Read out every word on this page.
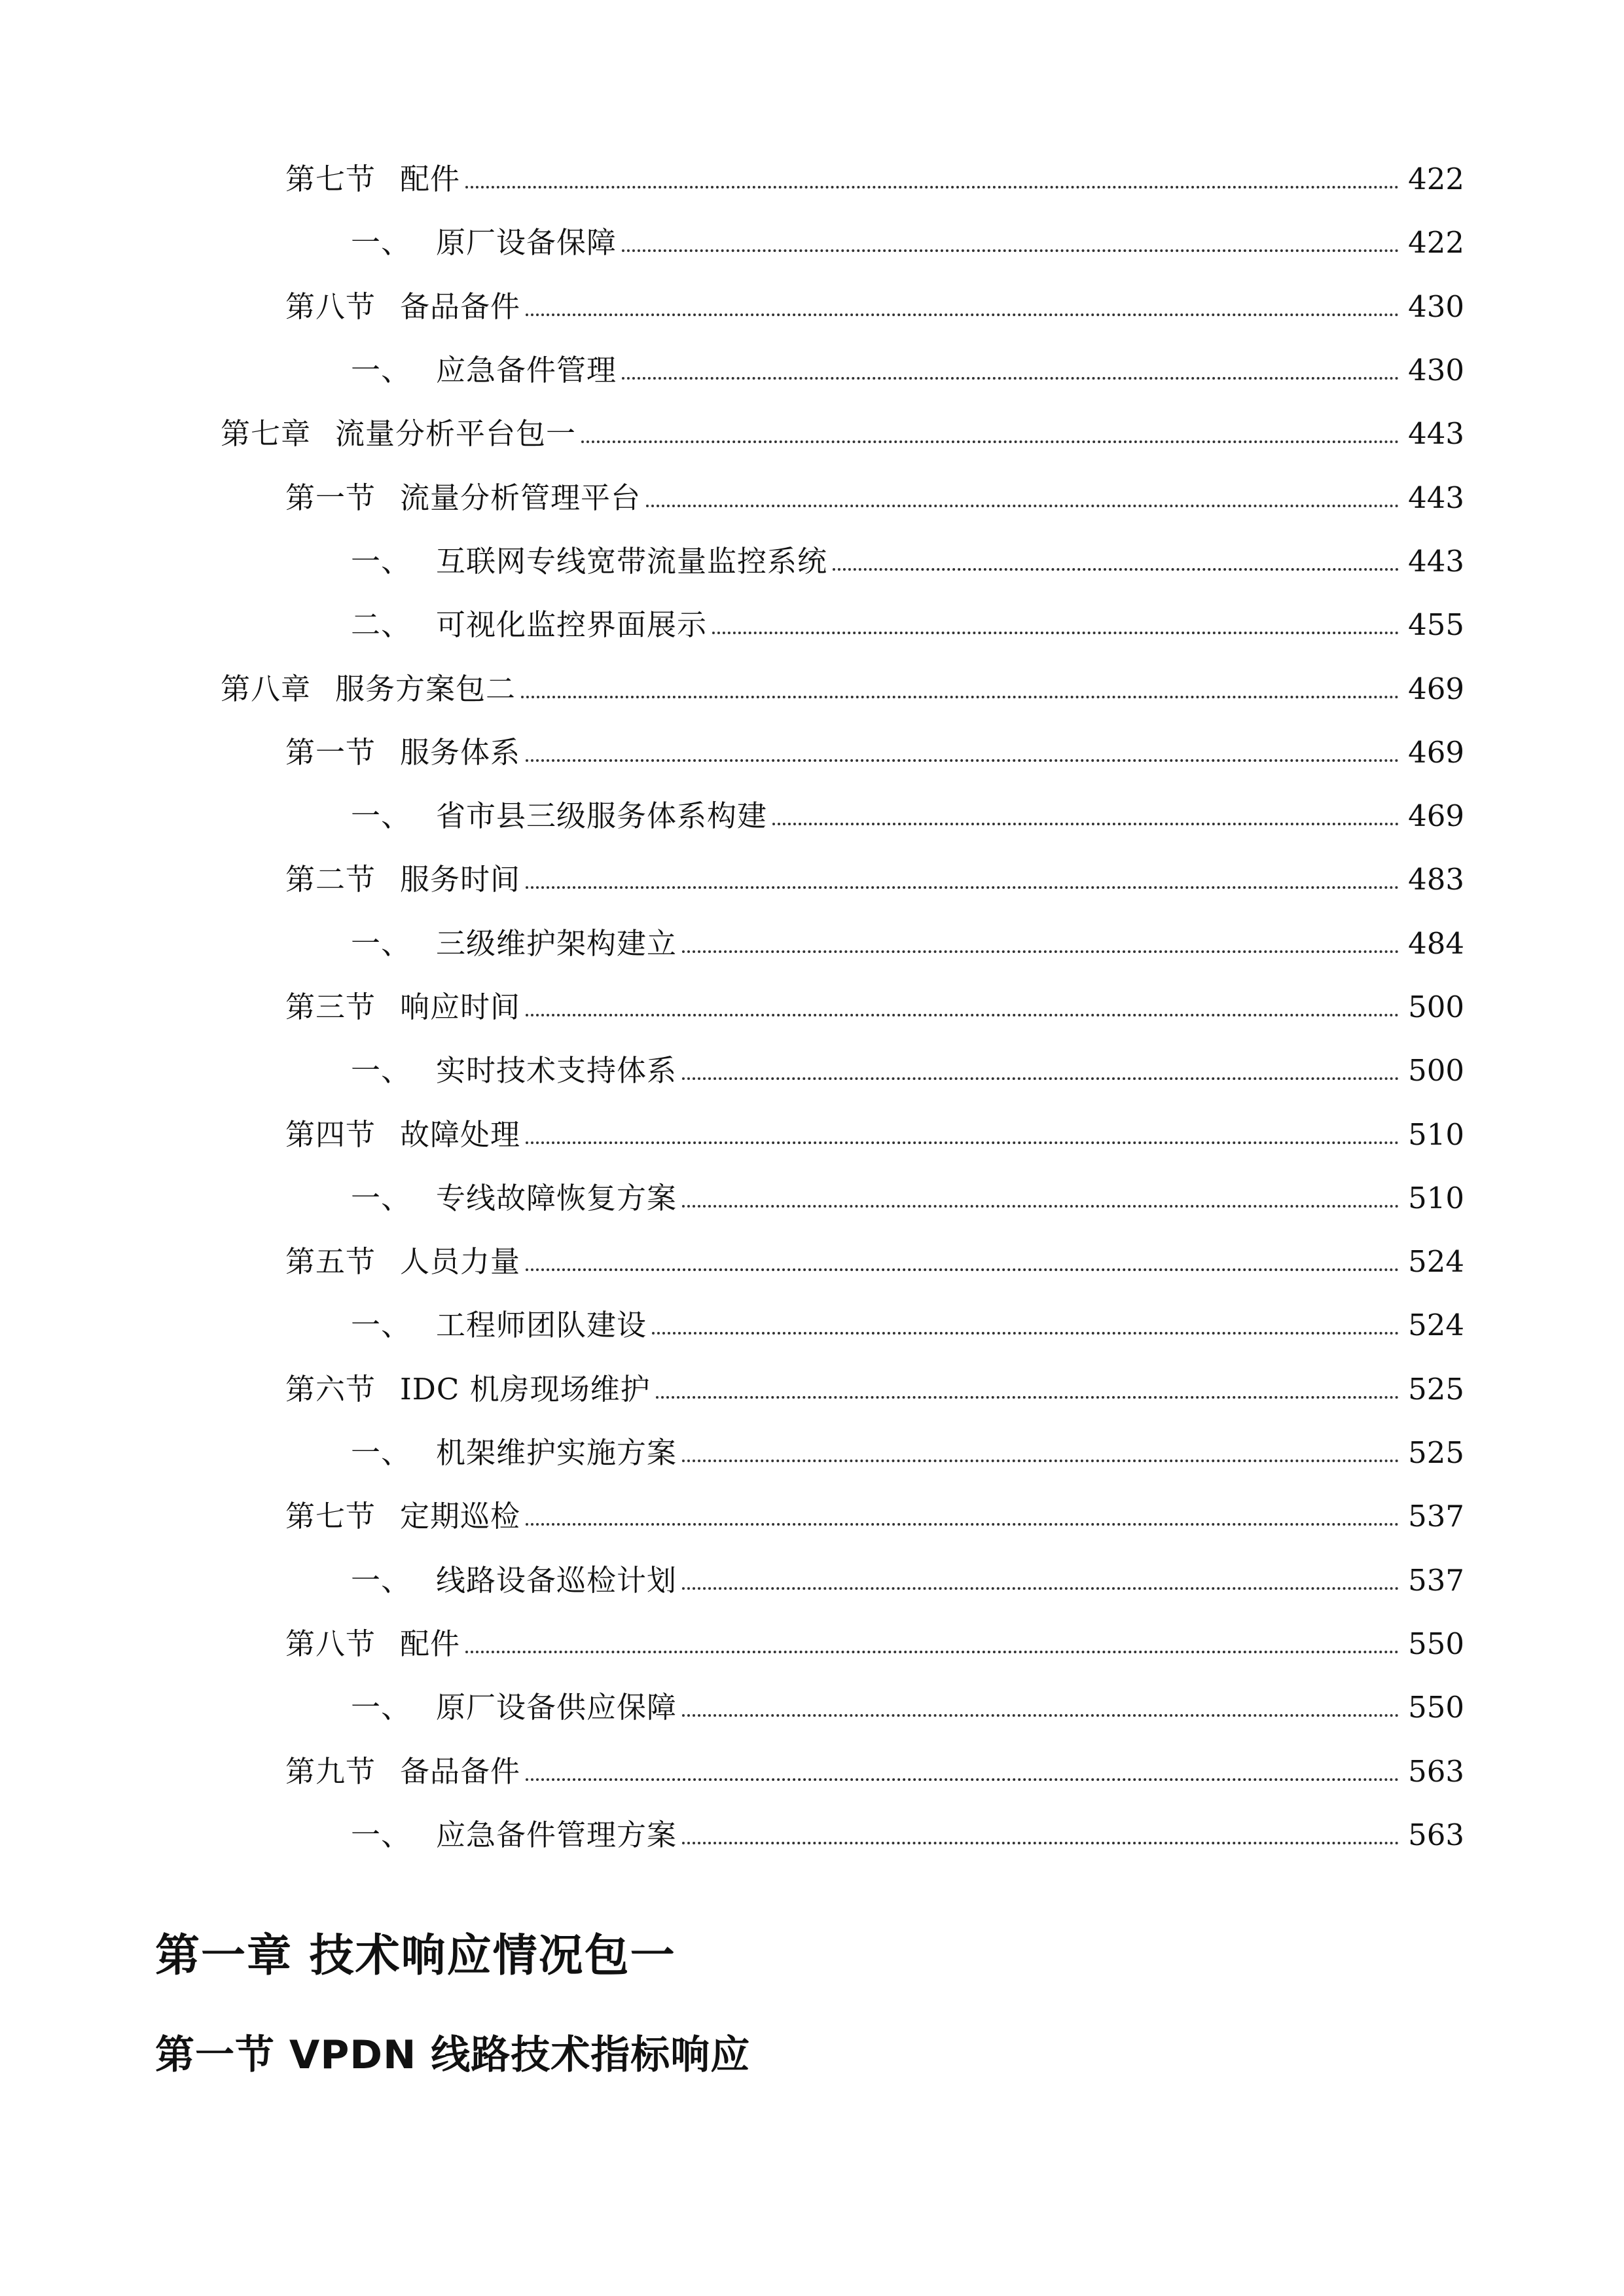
第七节 配件	422
一、 原厂设备保障	422
第八节 备品备件	430
一、 应急备件管理	430
第七章 流量分析平台包一	443
第一节 流量分析管理平台	443
一、 互联网专线宽带流量监控系统	443
二、 可视化监控界面展示	455
第八章 服务方案包二	469
第一节 服务体系	469
一、 省市县三级服务体系构建	469
第二节 服务时间	483
一、 三级维护架构建立	484
第三节 响应时间	500
一、 实时技术支持体系	500
第四节 故障处理	510
一、 专线故障恢复方案	510
第五节 人员力量	524
一、 工程师团队建设	524
第六节 IDC 机房现场维护	525
一、 机架维护实施方案	525
第七节 定期巡检	537
一、 线路设备巡检计划	537
第八节 配件	550
一、 原厂设备供应保障	550
第九节 备品备件	563
一、 应急备件管理方案	563
第一章 技术响应情况包一
第一节 VPDN 线路技术指标响应
